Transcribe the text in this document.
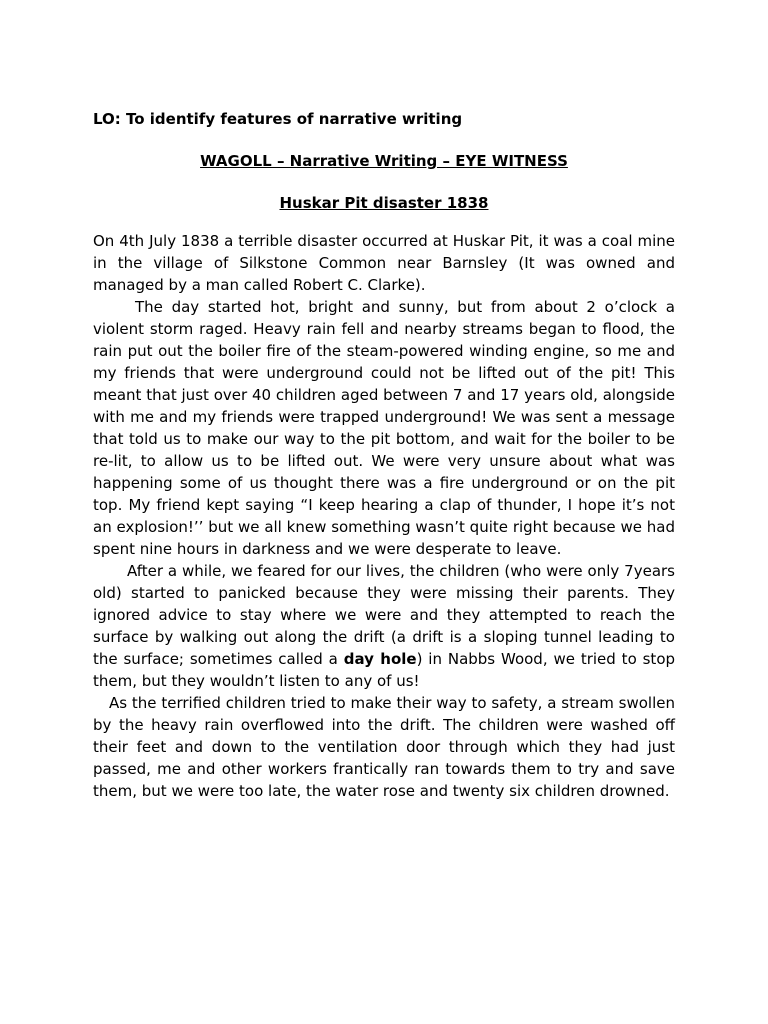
LO: To identify features of narrative writing
WAGOLL – Narrative Writing – EYE WITNESS
Huskar Pit disaster 1838

On 4th July 1838 a terrible disaster occurred at Huskar Pit, it was a coal mine in the village of Silkstone Common near Barnsley (It was owned and managed by a man called Robert C. Clarke).

The day started hot, bright and sunny, but from about 2 o’clock a violent storm raged. Heavy rain fell and nearby streams began to flood, the rain put out the boiler fire of the steam-powered winding engine, so me and my friends that were underground could not be lifted out of the pit! This meant that just over 40 children aged between 7 and 17 years old, alongside with me and my friends were trapped underground! We was sent a message that told us to make our way to the pit bottom, and wait for the boiler to be re-lit, to allow us to be lifted out. We were very unsure about what was happening some of us thought there was a fire underground or on the pit top. My friend kept saying “I keep hearing a clap of thunder, I hope it’s not an explosion!’’ but we all knew something wasn’t quite right because we had spent nine hours in darkness and we were desperate to leave.

After a while, we feared for our lives, the children (who were only 7years old) started to panicked because they were missing their parents. They ignored advice to stay where we were and they attempted to reach the surface by walking out along the drift (a drift is a sloping tunnel leading to the surface; sometimes called a day hole) in Nabbs Wood, we tried to stop them, but they wouldn’t listen to any of us!

As the terrified children tried to make their way to safety, a stream swollen by the heavy rain overflowed into the drift. The children were washed off their feet and down to the ventilation door through which they had just passed, me and other workers frantically ran towards them to try and save them, but we were too late, the water rose and twenty six children drowned.
